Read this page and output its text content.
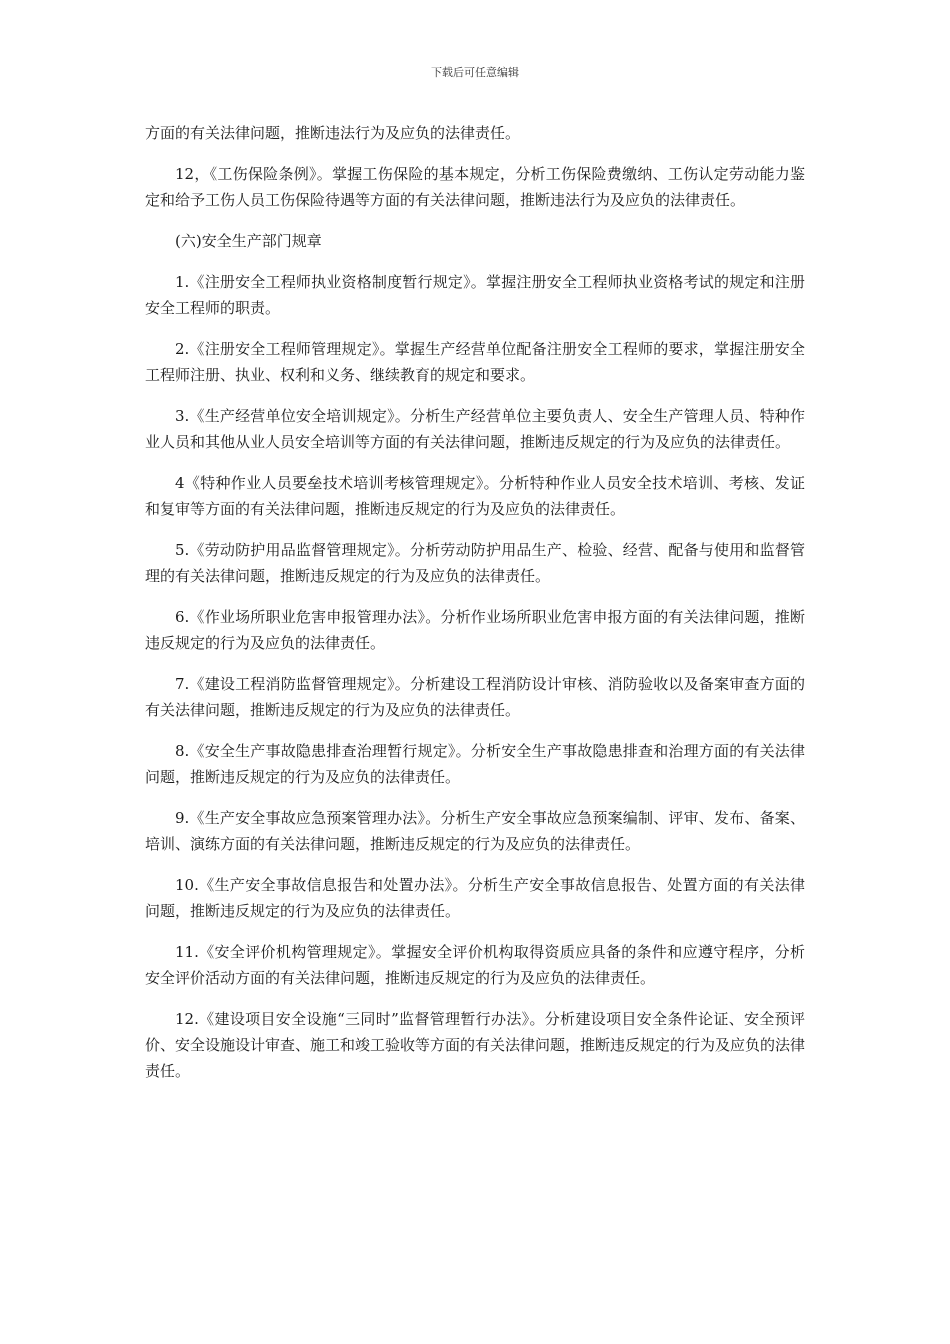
下载后可任意编辑

方面的有关法律问题，推断违法行为及应负的法律责任。

12，《工伤保险条例》。掌握工伤保险的基本规定，分析工伤保险费缴纳、工伤认定劳动能力鉴定和给予工伤人员工伤保险待遇等方面的有关法律问题，推断违法行为及应负的法律责任。

(六)安全生产部门规章

1.《注册安全工程师执业资格制度暂行规定》。掌握注册安全工程师执业资格考试的规定和注册安全工程师的职责。

2.《注册安全工程师管理规定》。掌握生产经营单位配备注册安全工程师的要求，掌握注册安全工程师注册、执业、权利和义务、继续教育的规定和要求。

3.《生产经营单位安全培训规定》。分析生产经营单位主要负责人、安全生产管理人员、特种作业人员和其他从业人员安全培训等方面的有关法律问题，推断违反规定的行为及应负的法律责任。

4《特种作业人员要垒技术培训考核管理规定》。分析特种作业人员安全技术培训、考核、发证和复审等方面的有关法律问题，推断违反规定的行为及应负的法律责任。

5.《劳动防护用品监督管理规定》。分析劳动防护用品生产、检验、经营、配备与使用和监督管理的有关法律问题，推断违反规定的行为及应负的法律责任。

6.《作业场所职业危害申报管理办法》。分析作业场所职业危害申报方面的有关法律问题，推断违反规定的行为及应负的法律责任。

7.《建设工程消防监督管理规定》。分析建设工程消防设计审核、消防验收以及备案审查方面的有关法律问题，推断违反规定的行为及应负的法律责任。

8.《安全生产事故隐患排查治理暂行规定》。分析安全生产事故隐患排查和治理方面的有关法律问题，推断违反规定的行为及应负的法律责任。

9.《生产安全事故应急预案管理办法》。分析生产安全事故应急预案编制、评审、发布、备案、培训、演练方面的有关法律问题，推断违反规定的行为及应负的法律责任。

10.《生产安全事故信息报告和处置办法》。分析生产安全事故信息报告、处置方面的有关法律问题，推断违反规定的行为及应负的法律责任。

11.《安全评价机构管理规定》。掌握安全评价机构取得资质应具备的条件和应遵守程序，分析安全评价活动方面的有关法律问题，推断违反规定的行为及应负的法律责任。

12.《建设项目安全设施“三同时”监督管理暂行办法》。分析建设项目安全条件论证、安全预评价、安全设施设计审查、施工和竣工验收等方面的有关法律问题，推断违反规定的行为及应负的法律责任。
